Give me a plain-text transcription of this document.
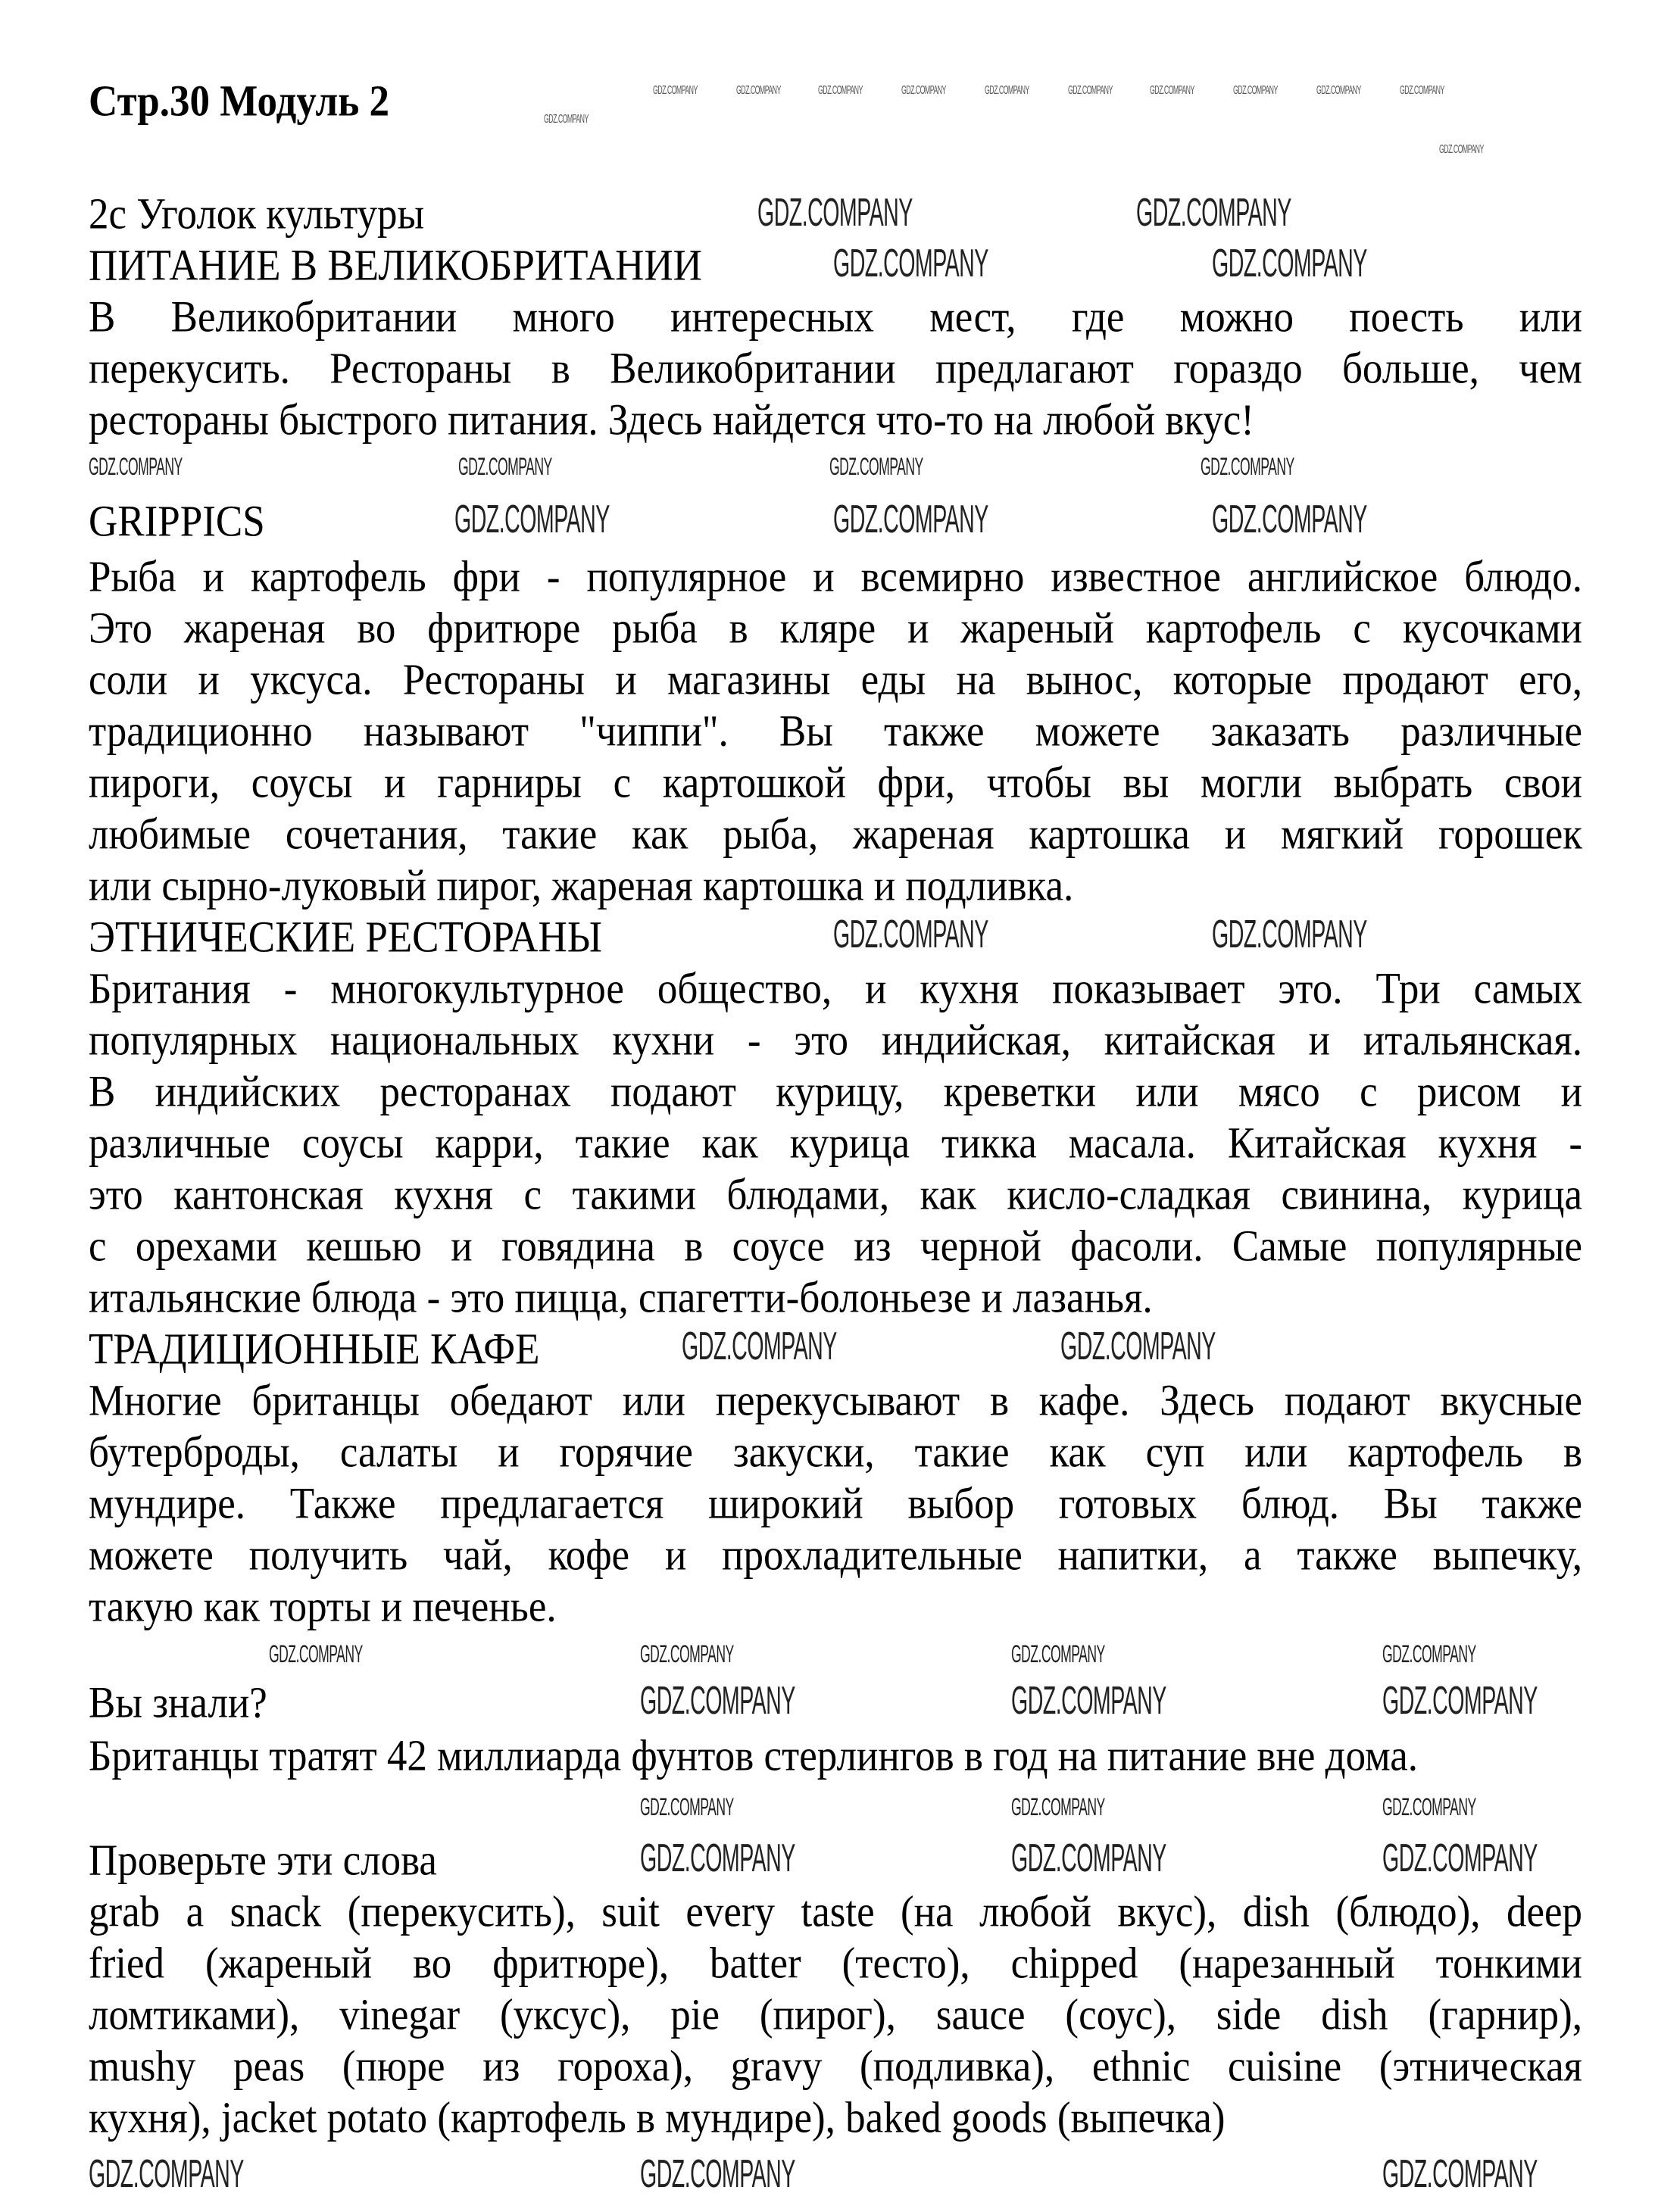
Стр.30 Модуль 2
2c Уголок культуры
ПИТАНИЕ В ВЕЛИКОБРИТАНИИ
В Великобритании много интересных мест, где можно поесть или
перекусить. Рестораны в Великобритании предлагают гораздо больше, чем
рестораны быстрого питания. Здесь найдется что-то на любой вкус!
GRIPPICS
Рыба и картофель фри - популярное и всемирно известное английское блюдо.
Это жареная во фритюре рыба в кляре и жареный картофель с кусочками
соли и уксуса. Рестораны и магазины еды на вынос, которые продают его,
традиционно называют "чиппи". Вы также можете заказать различные
пироги, соусы и гарниры с картошкой фри, чтобы вы могли выбрать свои
любимые сочетания, такие как рыба, жареная картошка и мягкий горошек
или сырно-луковый пирог, жареная картошка и подливка.
ЭТНИЧЕСКИЕ РЕСТОРАНЫ
Британия - многокультурное общество, и кухня показывает это. Три самых
популярных национальных кухни - это индийская, китайская и итальянская.
В индийских ресторанах подают курицу, креветки или мясо с рисом и
различные соусы карри, такие как курица тикка масала. Китайская кухня -
это кантонская кухня с такими блюдами, как кисло-сладкая свинина, курица
с орехами кешью и говядина в соусе из черной фасоли. Самые популярные
итальянские блюда - это пицца, спагетти-болоньезе и лазанья.
ТРАДИЦИОННЫЕ КАФЕ
Многие британцы обедают или перекусывают в кафе. Здесь подают вкусные
бутерброды, салаты и горячие закуски, такие как суп или картофель в
мундире. Также предлагается широкий выбор готовых блюд. Вы также
можете получить чай, кофе и прохладительные напитки, а также выпечку,
такую как торты и печенье.
Вы знали?
Британцы тратят 42 миллиарда фунтов стерлингов в год на питание вне дома.
Проверьте эти слова
grab a snack (перекусить), suit every taste (на любой вкус), dish (блюдо), deep
fried (жареный во фритюре), batter (тесто), chipped (нарезанный тонкими
ломтиками), vinegar (уксус), pie (пирог), sauce (соус), side dish (гарнир),
mushy peas (пюре из гороха), gravy (подливка), ethnic cuisine (этническая
кухня), jacket potato (картофель в мундире), baked goods (выпечка)
GDZ.COMPANY	GDZ.COMPANY	GDZ.COMPANY	GDZ.COMPANY	GDZ.COMPANY	GDZ.COMPANY	GDZ.COMPANY	GDZ.COMPANY	GDZ.COMPANY	GDZ.COMPANY
GDZ.COMPANY
GDZ.COMPANY
GDZ.COMPANY	GDZ.COMPANY
GDZ.COMPANY	GDZ.COMPANY
GDZ.COMPANY	GDZ.COMPANY	GDZ.COMPANY	GDZ.COMPANY
GDZ.COMPANY	GDZ.COMPANY	GDZ.COMPANY
GDZ.COMPANY	GDZ.COMPANY
GDZ.COMPANY	GDZ.COMPANY
GDZ.COMPANY	GDZ.COMPANY	GDZ.COMPANY	GDZ.COMPANY
GDZ.COMPANY	GDZ.COMPANY	GDZ.COMPANY
GDZ.COMPANY	GDZ.COMPANY	GDZ.COMPANY
GDZ.COMPANY	GDZ.COMPANY	GDZ.COMPANY
GDZ.COMPANY	GDZ.COMPANY	GDZ.COMPANY
